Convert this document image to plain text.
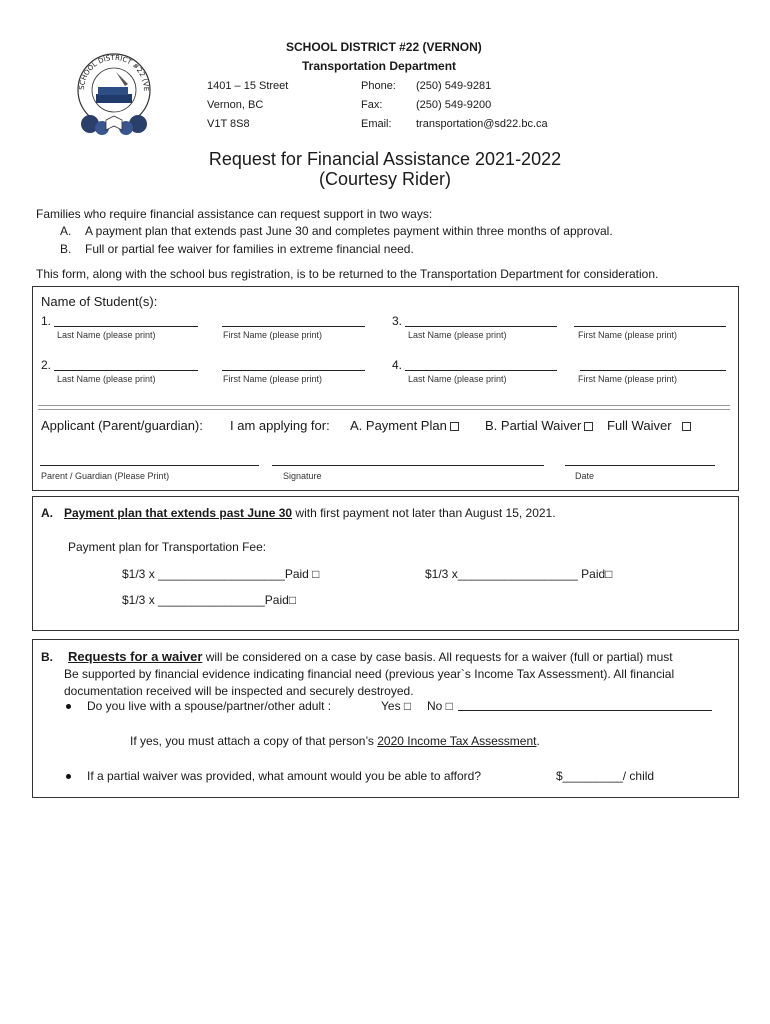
SCHOOL DISTRICT #22 (VE
SCHOOL DISTRICT #22 (VERNON)
Transportation Department
1401 – 15 Street
Vernon, BC
V1T 8S8
Phone: (250) 549-9281
Fax:	(250) 549-9200
Email: transportation@sd22.bc.ca
Request for Financial Assistance 2021-2022
(Courtesy Rider)
Families who require financial assistance can request support in two ways:
A. A payment plan that extends past June 30 and completes payment within three months of approval.
B. Full or partial fee waiver for families in extreme financial need.
This form, along with the school bus registration, is to be returned to the Transportation Department for consideration.
Name of Student(s):
1.
Last Name (please print)	First Name (please print)
3.
Last Name (please print)	First Name (please print)
2.
Last Name (please print)	First Name (please print)
4.
Last Name (please print)	First Name (please print)
Applicant (Parent/guardian): I am applying for: A. Payment Plan	B. Partial Waiver	Full Waiver
Parent / Guardian (Please Print)	Signature	Date
A. Payment plan that extends past June 30 with first payment not later than August 15, 2021.
Payment plan for Transportation Fee:
$1/3 x ___________________Paid □	$1/3 x__________________ Paid□
$1/3 x ________________Paid□
B. Requests for a waiver will be considered on a case by case basis. All requests for a waiver (full or partial) must
Be supported by financial evidence indicating financial need (previous year`s Income Tax Assessment). All financial
documentation received will be inspected and securely destroyed.
Do you live with a spouse/partner/other adult :	Yes □ No □
If yes, you must attach a copy of that person’s 2020 Income Tax Assessment.
If a partial waiver was provided, what amount would you be able to afford?	$_________/ child
